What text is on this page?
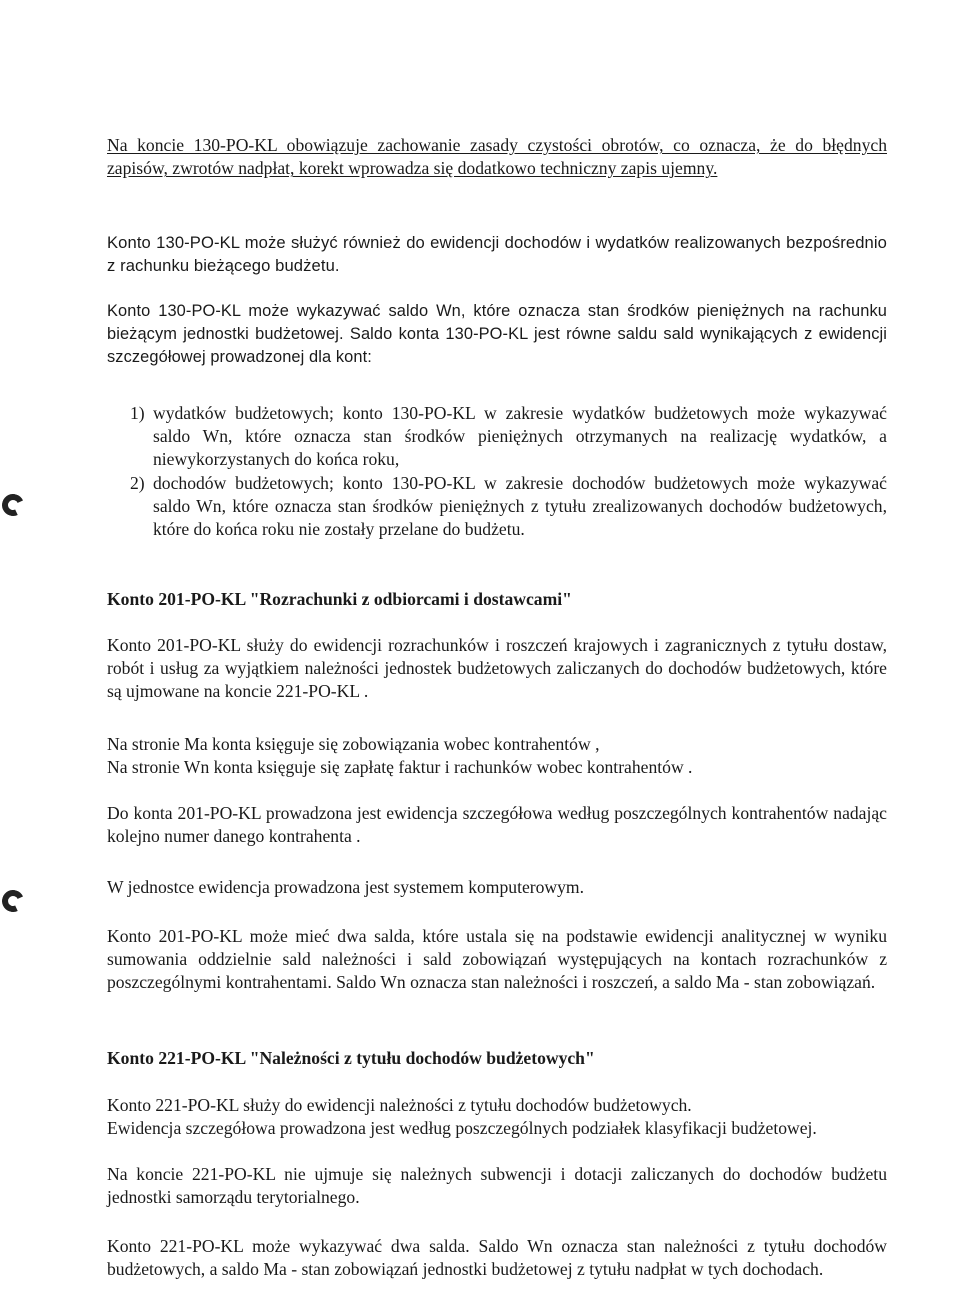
Na koncie 130-PO-KL obowiązuje zachowanie zasady czystości obrotów, co oznacza, że do błędnych zapisów, zwrotów nadpłat, korekt wprowadza się dodatkowo techniczny zapis ujemny.

Konto 130-PO-KL może służyć również do ewidencji dochodów i wydatków realizowanych bezpośrednio z rachunku bieżącego budżetu.

Konto 130-PO-KL może wykazywać saldo Wn, które oznacza stan środków pieniężnych na rachunku bieżącym jednostki budżetowej. Saldo konta 130-PO-KL jest równe saldu sald wynikających z ewidencji szczegółowej prowadzonej dla kont:

1) wydatków budżetowych; konto 130-PO-KL w zakresie wydatków budżetowych może wykazywać saldo Wn, które oznacza stan środków pieniężnych otrzymanych na realizację wydatków, a niewykorzystanych do końca roku,
2) dochodów budżetowych; konto 130-PO-KL w zakresie dochodów budżetowych może wykazywać saldo Wn, które oznacza stan środków pieniężnych z tytułu zrealizowanych dochodów budżetowych, które do końca roku nie zostały przelane do budżetu.

Konto 201-PO-KL "Rozrachunki z odbiorcami i dostawcami"

Konto 201-PO-KL służy do ewidencji rozrachunków i roszczeń krajowych i zagranicznych z tytułu dostaw, robót i usług za wyjątkiem należności jednostek budżetowych zaliczanych do dochodów budżetowych, które są ujmowane na koncie 221-PO-KL .

Na stronie Ma konta księguje się zobowiązania wobec kontrahentów ,

Na stronie Wn konta księguje się zapłatę faktur i rachunków wobec kontrahentów .

Do konta 201-PO-KL prowadzona jest ewidencja szczegółowa według poszczególnych kontrahentów nadając kolejno numer danego kontrahenta .

W jednostce ewidencja prowadzona jest systemem komputerowym.

Konto 201-PO-KL może mieć dwa salda, które ustala się na podstawie ewidencji analitycznej w wyniku sumowania oddzielnie sald należności i sald zobowiązań występujących na kontach rozrachunków z poszczególnymi kontrahentami. Saldo Wn oznacza stan należności i roszczeń, a saldo Ma - stan zobowiązań.

Konto 221-PO-KL "Należności z tytułu dochodów budżetowych"

Konto 221-PO-KL służy do ewidencji należności z tytułu dochodów budżetowych.

Ewidencja szczegółowa prowadzona jest według poszczególnych podziałek klasyfikacji budżetowej.

Na koncie 221-PO-KL nie ujmuje się należnych subwencji i dotacji zaliczanych do dochodów budżetu jednostki samorządu terytorialnego.

Konto 221-PO-KL może wykazywać dwa salda. Saldo Wn oznacza stan należności z tytułu dochodów budżetowych, a saldo Ma - stan zobowiązań jednostki budżetowej z tytułu nadpłat w tych dochodach.
